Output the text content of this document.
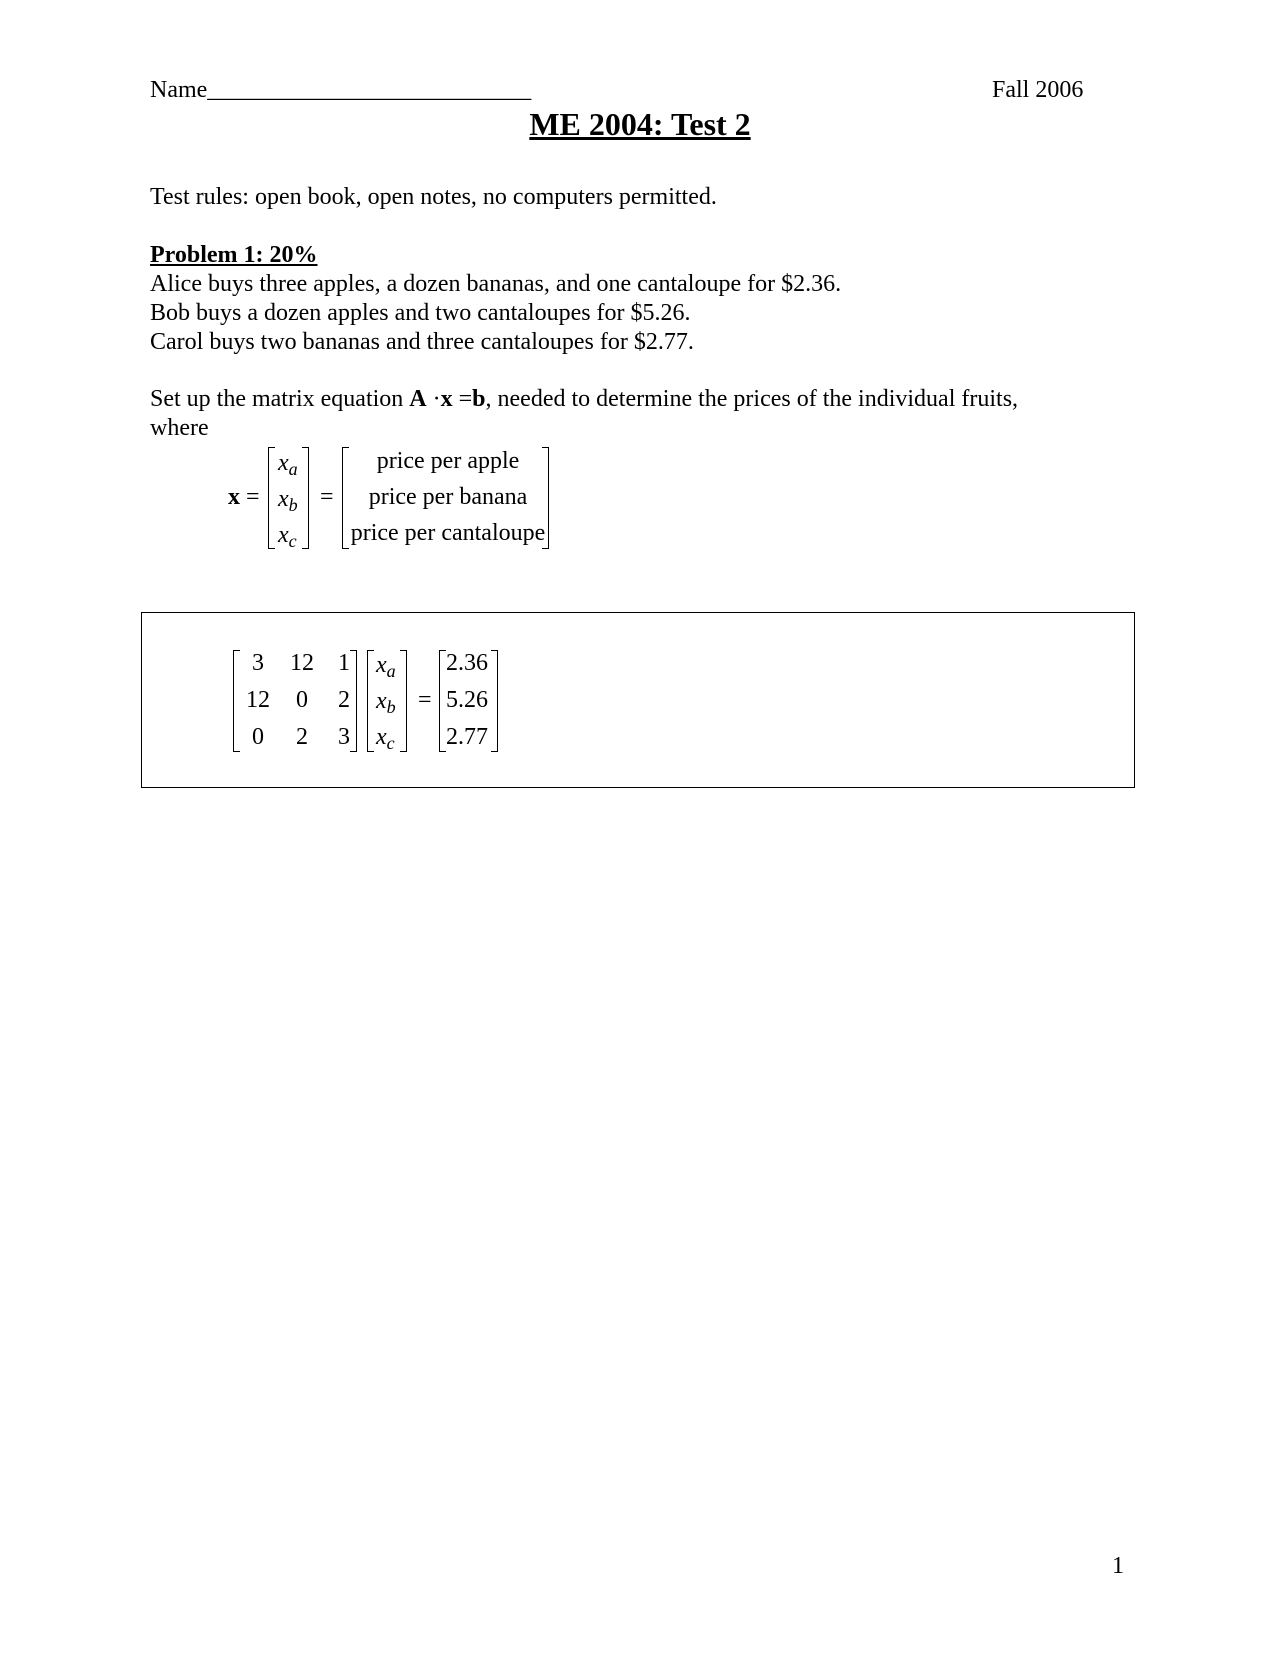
Name___________________________	Fall 2006
ME 2004: Test 2
Test rules: open book, open notes, no computers permitted.
Problem 1: 20%
Alice buys three apples, a dozen bananas, and one cantaloupe for $2.36.
Bob buys a dozen apples and two cantaloupes for $5.26.
Carol buys two bananas and three cantaloupes for $2.77.
Set up the matrix equation A ·x =b, needed to determine the prices of the individual fruits,
where
x =
$x_a$
$x_b$
$x_c$
=
price per apple
price per banana
price per cantaloupe
3	12	1
12	0	2
0	2	3
$x_a$
$x_b$
$x_c$
=
2.36
5.26
2.77
1
